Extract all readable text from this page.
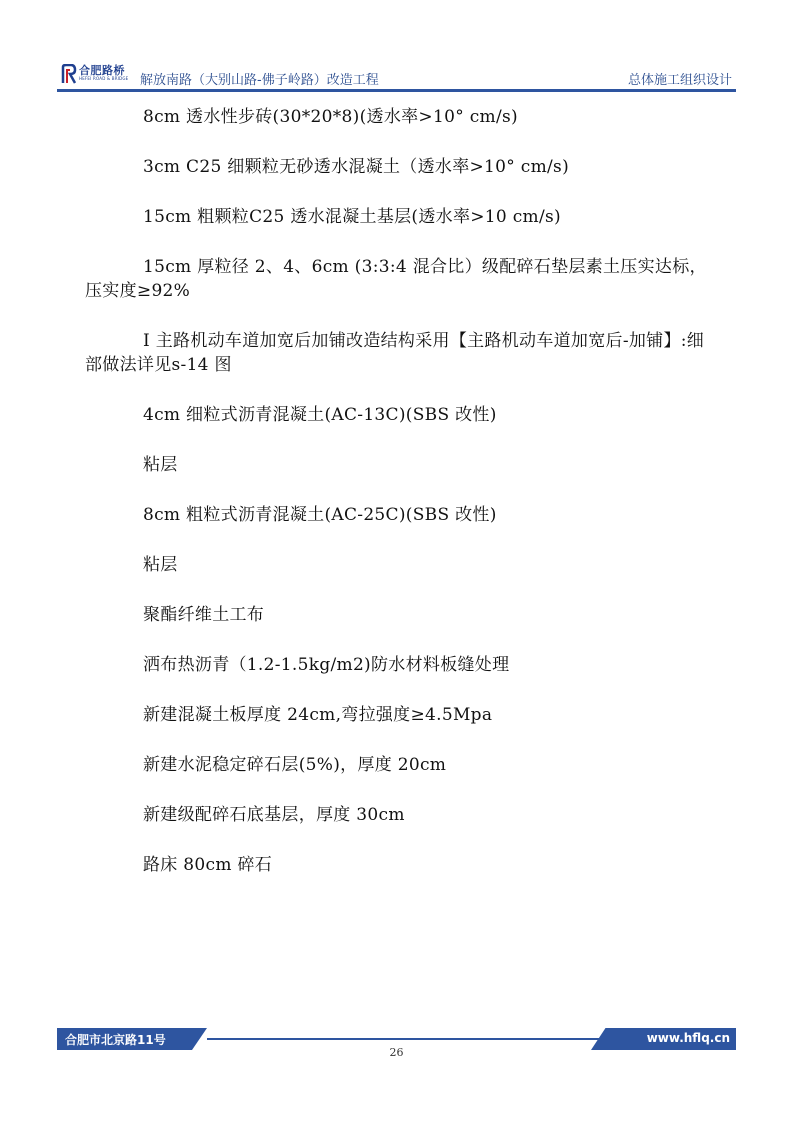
合肥路桥
HEFEI ROAD & BRIDGE 解放南路（大别山路-佛子岭路）改造工程	总体施工组织设计

8cm 透水性步砖(30*20*8)(透水率>10° cm/s)

3cm C25 细颗粒无砂透水混凝土（透水率>10° cm/s)

15cm 粗颗粒C25 透水混凝土基层(透水率>10 cm/s)

15cm 厚粒径 2、4、6cm (3:3:4 混合比）级配碎石垫层素土压实达标，压实度≥92%

Ⅰ 主路机动车道加宽后加铺改造结构采用【主路机动车道加宽后-加铺】:细部做法详见s-14 图

4cm 细粒式沥青混凝土(AC-13C)(SBS 改性)

粘层

8cm 粗粒式沥青混凝土(AC-25C)(SBS 改性)

粘层

聚酯纤维土工布

洒布热沥青（1.2-1.5kg/m2)防水材料板缝处理

新建混凝土板厚度 24cm,弯拉强度≥4.5Mpa

新建水泥稳定碎石层(5%)，厚度 20cm

新建级配碎石底基层，厚度 30cm

路床 80cm 碎石

合肥市北京路11号	www.hflq.cn
26
